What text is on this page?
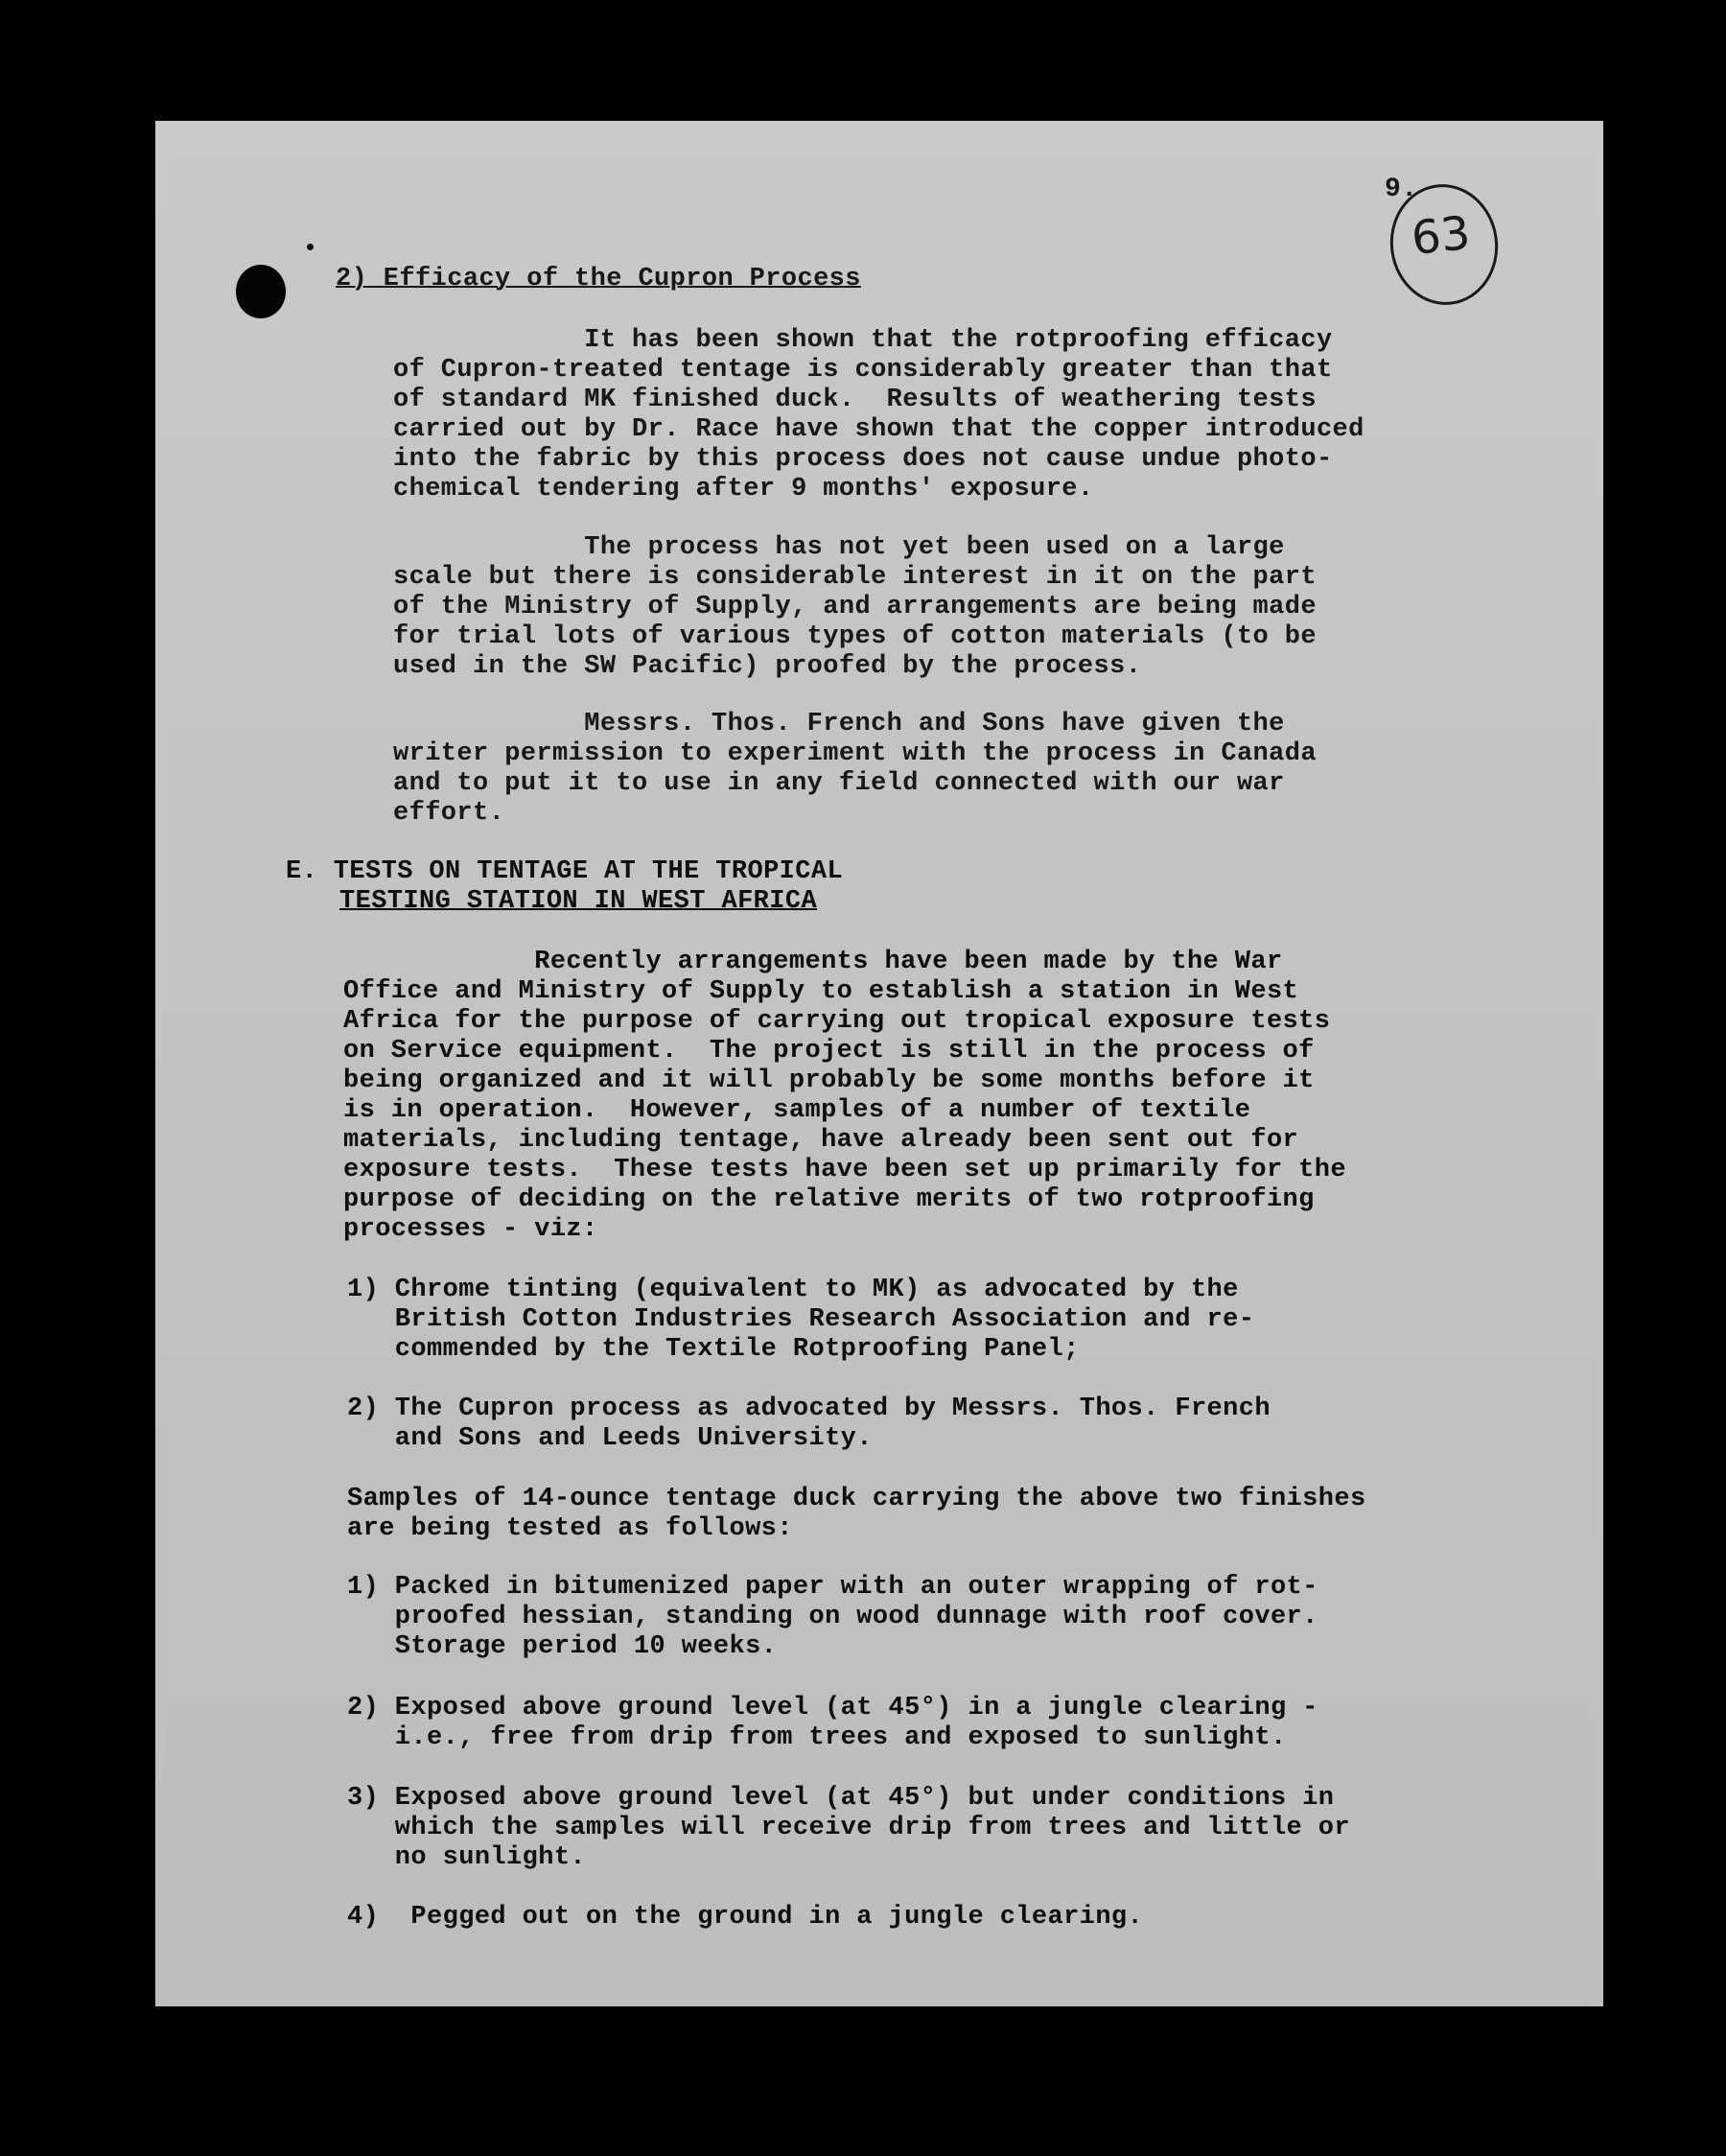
9.
63
2) Efficacy of the Cupron Process
It has been shown that the rotproofing efficacy
of Cupron-treated tentage is considerably greater than that
of standard MK finished duck.  Results of weathering tests
carried out by Dr. Race have shown that the copper introduced
into the fabric by this process does not cause undue photo-
chemical tendering after 9 months' exposure.
The process has not yet been used on a large
scale but there is considerable interest in it on the part
of the Ministry of Supply, and arrangements are being made
for trial lots of various types of cotton materials (to be
used in the SW Pacific) proofed by the process.
Messrs. Thos. French and Sons have given the
writer permission to experiment with the process in Canada
and to put it to use in any field connected with our war
effort.
E. TESTS ON TENTAGE AT THE TROPICAL
TESTING STATION IN WEST AFRICA
Recently arrangements have been made by the War
Office and Ministry of Supply to establish a station in West
Africa for the purpose of carrying out tropical exposure tests
on Service equipment.  The project is still in the process of
being organized and it will probably be some months before it
is in operation.  However, samples of a number of textile
materials, including tentage, have already been sent out for
exposure tests.  These tests have been set up primarily for the
purpose of deciding on the relative merits of two rotproofing
processes - viz:
1) Chrome tinting (equivalent to MK) as advocated by the
British Cotton Industries Research Association and re-
commended by the Textile Rotproofing Panel;
2) The Cupron process as advocated by Messrs. Thos. French
and Sons and Leeds University.
Samples of 14-ounce tentage duck carrying the above two finishes
are being tested as follows:
1) Packed in bitumenized paper with an outer wrapping of rot-
proofed hessian, standing on wood dunnage with roof cover.
Storage period 10 weeks.
2) Exposed above ground level (at 45°) in a jungle clearing -
i.e., free from drip from trees and exposed to sunlight.
3) Exposed above ground level (at 45°) but under conditions in
which the samples will receive drip from trees and little or
no sunlight.
4)  Pegged out on the ground in a jungle clearing.
